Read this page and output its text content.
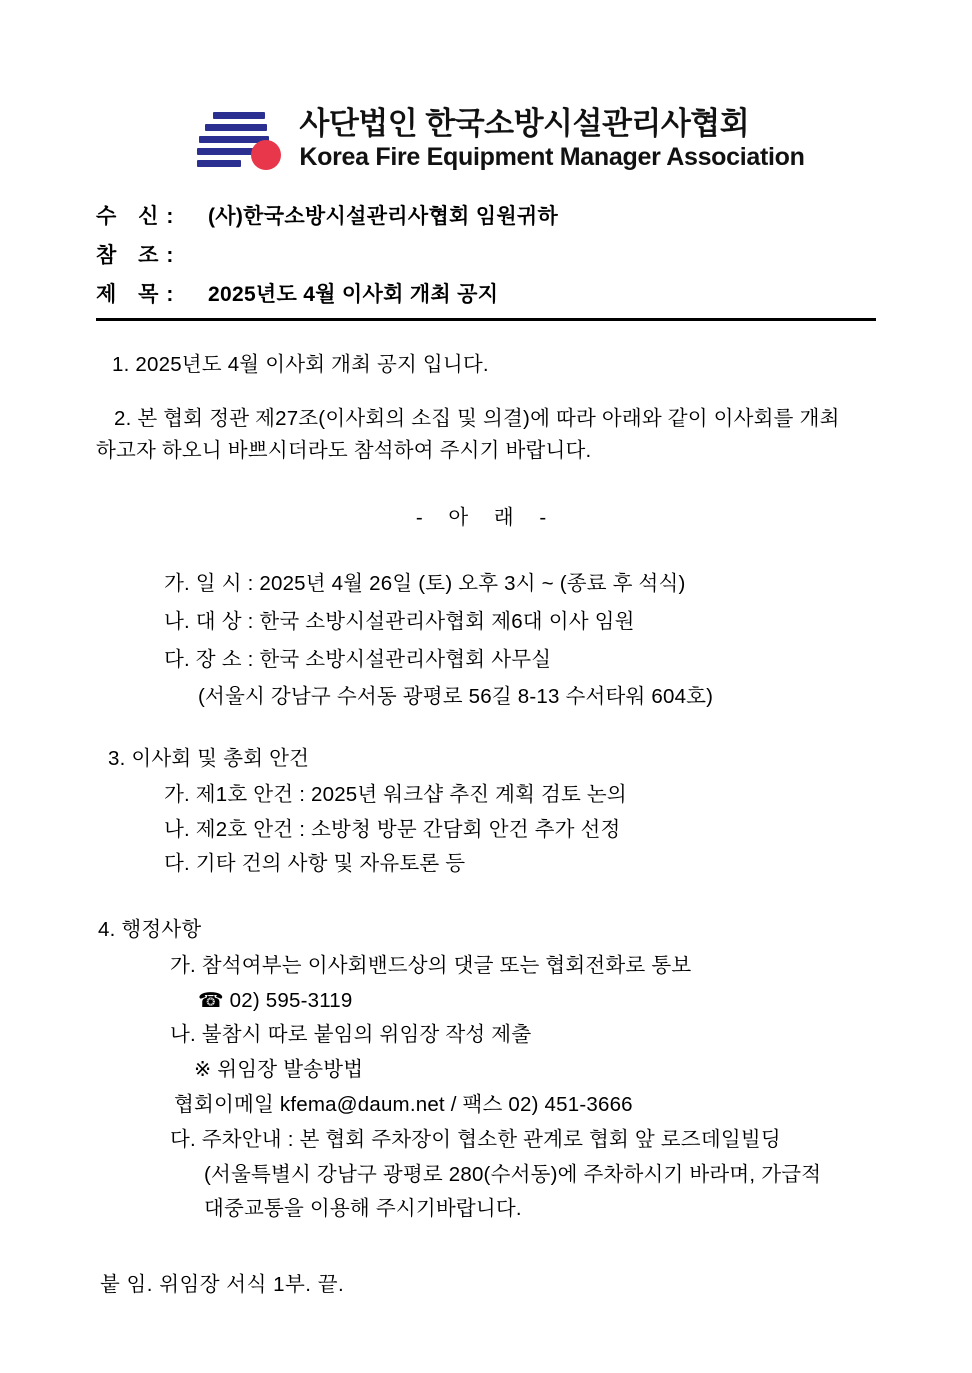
사단법인 한국소방시설관리사협회
Korea Fire Equipment Manager Association
수 신:	(사)한국소방시설관리사협회 임원귀하
참 조:
제 목:	2025년도 4월 이사회 개최 공지
1. 2025년도 4월 이사회 개최 공지 입니다.
2. 본 협회 정관 제27조(이사회의 소집 및 의결)에 따라 아래와 같이 이사회를 개최
하고자 하오니 바쁘시더라도 참석하여 주시기 바랍니다.
- 아 래 -
가. 일 시 : 2025년 4월 26일 (토) 오후 3시 ~ (종료 후 석식)
나. 대 상 : 한국 소방시설관리사협회 제6대 이사 임원
다. 장 소 : 한국 소방시설관리사협회 사무실
(서울시 강남구 수서동 광평로 56길 8-13 수서타워 604호)
3. 이사회 및 총회 안건
가. 제1호 안건 : 2025년 워크샵 추진 계획 검토 논의
나. 제2호 안건 : 소방청 방문 간담회 안건 추가 선정
다. 기타 건의 사항 및 자유토론 등
4. 행정사항
가. 참석여부는 이사회밴드상의 댓글 또는 협회전화로 통보
☎ 02) 595-3119
나. 불참시 따로 붙임의 위임장 작성 제출
※ 위임장 발송방법
협회이메일 kfema@daum.net / 팩스 02) 451-3666
다. 주차안내 : 본 협회 주차장이 협소한 관계로 협회 앞 로즈데일빌딩
(서울특별시 강남구 광평로 280(수서동)에 주차하시기 바라며, 가급적
대중교통을 이용해 주시기바랍니다.
붙 임. 위임장 서식 1부. 끝.
